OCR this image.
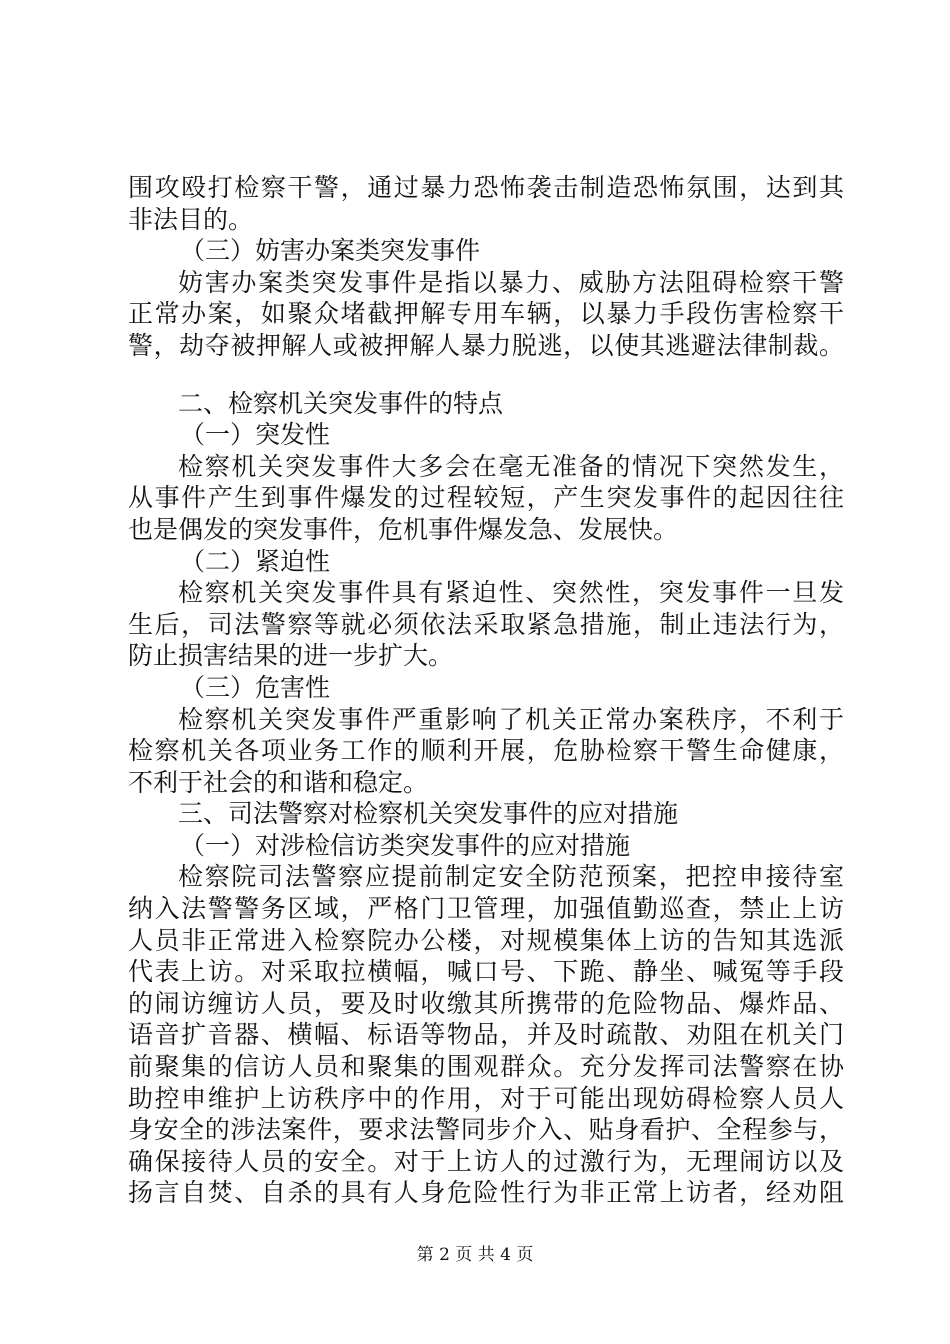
围攻殴打检察干警，通过暴力恐怖袭击制造恐怖氛围，达到其
非法目的。
（三）妨害办案类突发事件
妨害办案类突发事件是指以暴力、威胁方法阻碍检察干警
正常办案，如聚众堵截押解专用车辆，以暴力手段伤害检察干
警，劫夺被押解人或被押解人暴力脱逃，以使其逃避法律制裁。
二、检察机关突发事件的特点
（一）突发性
检察机关突发事件大多会在毫无准备的情况下突然发生，
从事件产生到事件爆发的过程较短，产生突发事件的起因往往
也是偶发的突发事件，危机事件爆发急、发展快。
（二）紧迫性
检察机关突发事件具有紧迫性、突然性，突发事件一旦发
生后，司法警察等就必须依法采取紧急措施，制止违法行为，
防止损害结果的进一步扩大。
（三）危害性
检察机关突发事件严重影响了机关正常办案秩序，不利于
检察机关各项业务工作的顺利开展，危胁检察干警生命健康，
不利于社会的和谐和稳定。
三、司法警察对检察机关突发事件的应对措施
（一）对涉检信访类突发事件的应对措施
检察院司法警察应提前制定安全防范预案，把控申接待室
纳入法警警务区域，严格门卫管理，加强值勤巡查，禁止上访
人员非正常进入检察院办公楼，对规模集体上访的告知其选派
代表上访。对采取拉横幅，喊口号、下跪、静坐、喊冤等手段
的闹访缠访人员，要及时收缴其所携带的危险物品、爆炸品、
语音扩音器、横幅、标语等物品，并及时疏散、劝阻在机关门
前聚集的信访人员和聚集的围观群众。充分发挥司法警察在协
助控申维护上访秩序中的作用，对于可能出现妨碍检察人员人
身安全的涉法案件，要求法警同步介入、贴身看护、全程参与，
确保接待人员的安全。对于上访人的过激行为，无理闹访以及
扬言自焚、自杀的具有人身危险性行为非正常上访者，经劝阻
第 2 页 共 4 页
